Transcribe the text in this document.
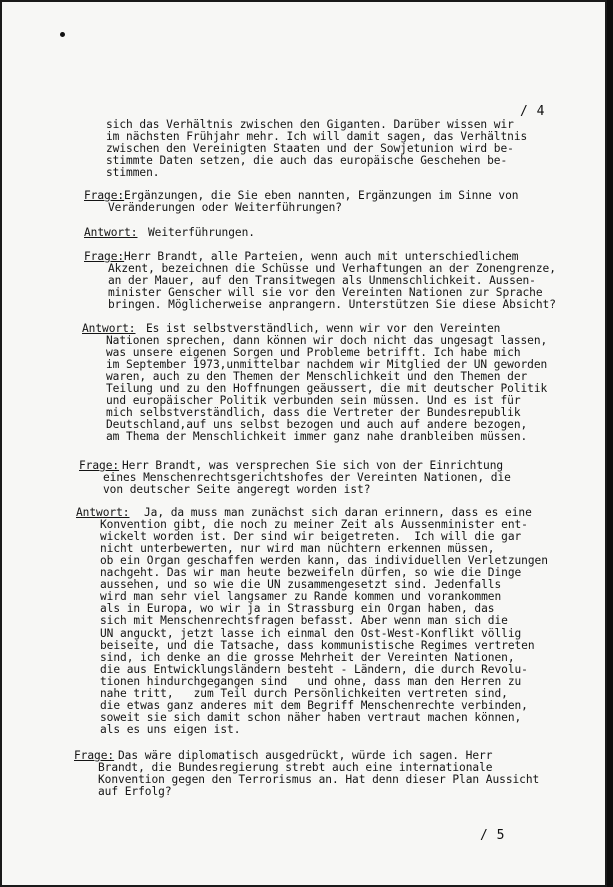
/ 4
sich das Verhältnis zwischen den Giganten. Darüber wissen wir
im nächsten Frühjahr mehr. Ich will damit sagen, das Verhältnis
zwischen den Vereinigten Staaten und der Sowjetunion wird be-
stimmte Daten setzen, die auch das europäische Geschehen be-
stimmen.
Frage: Ergänzungen, die Sie eben nannten, Ergänzungen im Sinne von
Veränderungen oder Weiterführungen?
Antwort: Weiterführungen.
Frage: Herr Brandt, alle Parteien, wenn auch mit unterschiedlichem
Akzent, bezeichnen die Schüsse und Verhaftungen an der Zonengrenze,
an der Mauer, auf den Transitwegen als Unmenschlichkeit. Aussen-
minister Genscher will sie vor den Vereinten Nationen zur Sprache
bringen. Möglicherweise anprangern. Unterstützen Sie diese Absicht?
Antwort: Es ist selbstverständlich, wenn wir vor den Vereinten
Nationen sprechen, dann können wir doch nicht das ungesagt lassen,
was unsere eigenen Sorgen und Probleme betrifft. Ich habe mich
im September 1973,unmittelbar nachdem wir Mitglied der UN geworden
waren, auch zu den Themen der Menschlichkeit und den Themen der
Teilung und zu den Hoffnungen geäussert, die mit deutscher Politik
und europäischer Politik verbunden sein müssen. Und es ist für
mich selbstverständlich, dass die Vertreter der Bundesrepublik
Deutschland,auf uns selbst bezogen und auch auf andere bezogen,
am Thema der Menschlichkeit immer ganz nahe dranbleiben müssen.
Frage: Herr Brandt, was versprechen Sie sich von der Einrichtung
eines Menschenrechtsgerichtshofes der Vereinten Nationen, die
von deutscher Seite angeregt worden ist?
Antwort: Ja, da muss man zunächst sich daran erinnern, dass es eine
Konvention gibt, die noch zu meiner Zeit als Aussenminister ent-
wickelt worden ist. Der sind wir beigetreten.  Ich will die gar
nicht unterbewerten, nur wird man nüchtern erkennen müssen,
ob ein Organ geschaffen werden kann, das individuellen Verletzungen
nachgeht. Das wir man heute bezweifeln dürfen, so wie die Dinge
aussehen, und so wie die UN zusammengesetzt sind. Jedenfalls
wird man sehr viel langsamer zu Rande kommen und vorankommen
als in Europa, wo wir ja in Strassburg ein Organ haben, das
sich mit Menschenrechtsfragen befasst. Aber wenn man sich die
UN anguckt, jetzt lasse ich einmal den Ost-West-Konflikt völlig
beiseite, und die Tatsache, dass kommunistische Regimes vertreten
sind, ich denke an die grosse Mehrheit der Vereinten Nationen,
die aus Entwicklungsländern besteht - Ländern, die durch Revolu-
tionen hindurchgegangen sind   und ohne, dass man den Herren zu
nahe tritt,   zum Teil durch Persönlichkeiten vertreten sind,
die etwas ganz anderes mit dem Begriff Menschenrechte verbinden,
soweit sie sich damit schon näher haben vertraut machen können,
als es uns eigen ist.
Frage: Das wäre diplomatisch ausgedrückt, würde ich sagen. Herr
Brandt, die Bundesregierung strebt auch eine internationale
Konvention gegen den Terrorismus an. Hat denn dieser Plan Aussicht
auf Erfolg?
/ 5
